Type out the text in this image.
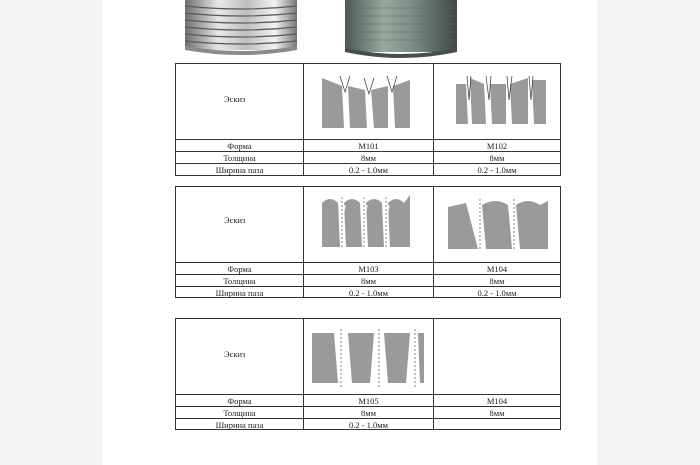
Эскиз
Форма	М101	М102
Толщина	8мм	8мм
Ширина паза	0.2 - 1.0мм	0.2 - 1.0мм
Эскиз
Форма	М103	М104
Толщина	8мм	8мм
Ширина паза	0.2 - 1.0мм	0.2 - 1.0мм
Эскиз
Форма	М105	М104
Толщина	8мм	8мм
Ширина паза	0.2 - 1.0мм
